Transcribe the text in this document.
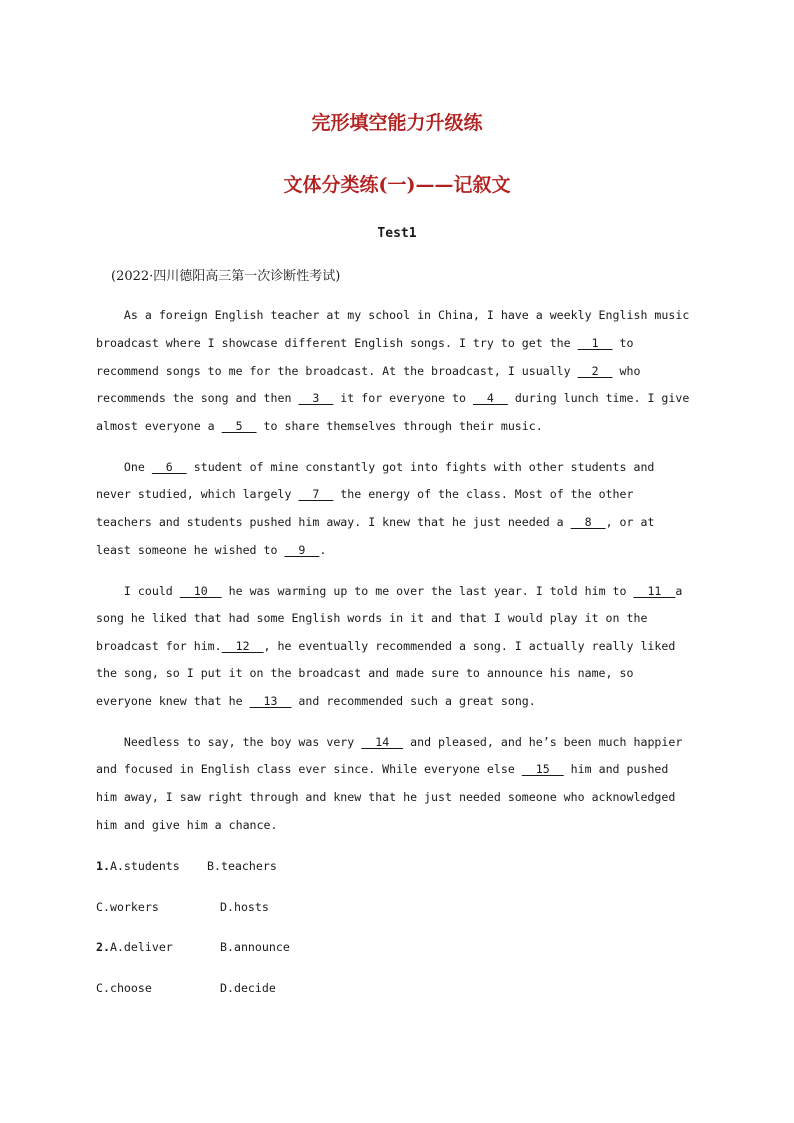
完形填空能力升级练
文体分类练(一)——记叙文
Test1
(2022·四川德阳高三第一次诊断性考试)
As a foreign English teacher at my school in China, I have a weekly English music
broadcast where I showcase different English songs. I try to get the   1   to
recommend songs to me for the broadcast. At the broadcast, I usually   2   who
recommends the song and then   3   it for everyone to   4   during lunch time. I give
almost everyone a   5   to share themselves through their music.
One   6   student of mine constantly got into fights with other students and
never studied, which largely   7   the energy of the class. Most of the other
teachers and students pushed him away. I knew that he just needed a   8  , or at
least someone he wished to   9  .
I could   10   he was warming up to me over the last year. I told him to   11  a
song he liked that had some English words in it and that I would play it on the
broadcast for him.  12  , he eventually recommended a song. I actually really liked
the song, so I put it on the broadcast and made sure to announce his name, so
everyone knew that he   13   and recommended such a great song.
Needless to say, the boy was very   14   and pleased, and he’s been much happier
and focused in English class ever since. While everyone else   15   him and pushed
him away, I saw right through and knew that he just needed someone who acknowledged
him and give him a chance.
1.A.students B.teachers
C.workers	D.hosts
2.A.deliver	B.announce
C.choose	D.decide
